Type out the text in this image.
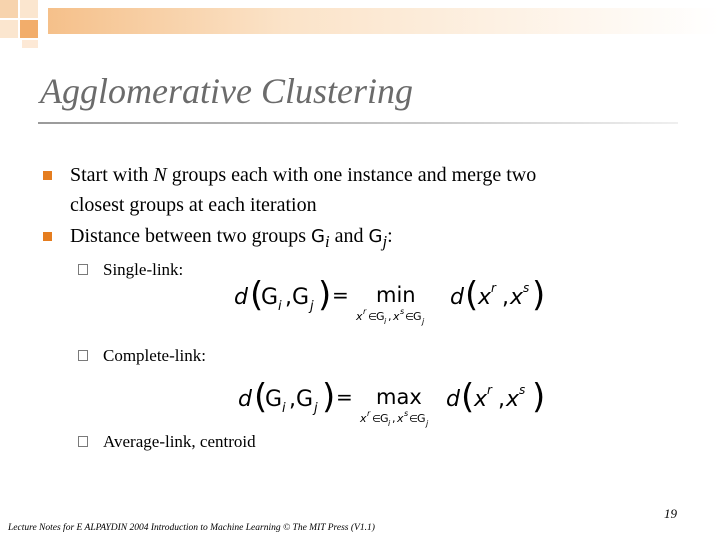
Agglomerative Clustering
Start with N groups each with one instance and merge two
closest groups at each iteration
Distance between two groups $G_i$ and $G_j$:
Single-link:
Complete-link:
Average-link, centroid
d (
G i , G j ) = min
x r
∈ G i , x s
∈ G j
d ( x r , x s )
d (
G i , G j ) = max
x r
∈ G i , x s
∈ G j
d ( x r , x s )
19
Lecture Notes for E ALPAYDIN 2004 Introduction to Machine Learning © The MIT Press (V1.1)
